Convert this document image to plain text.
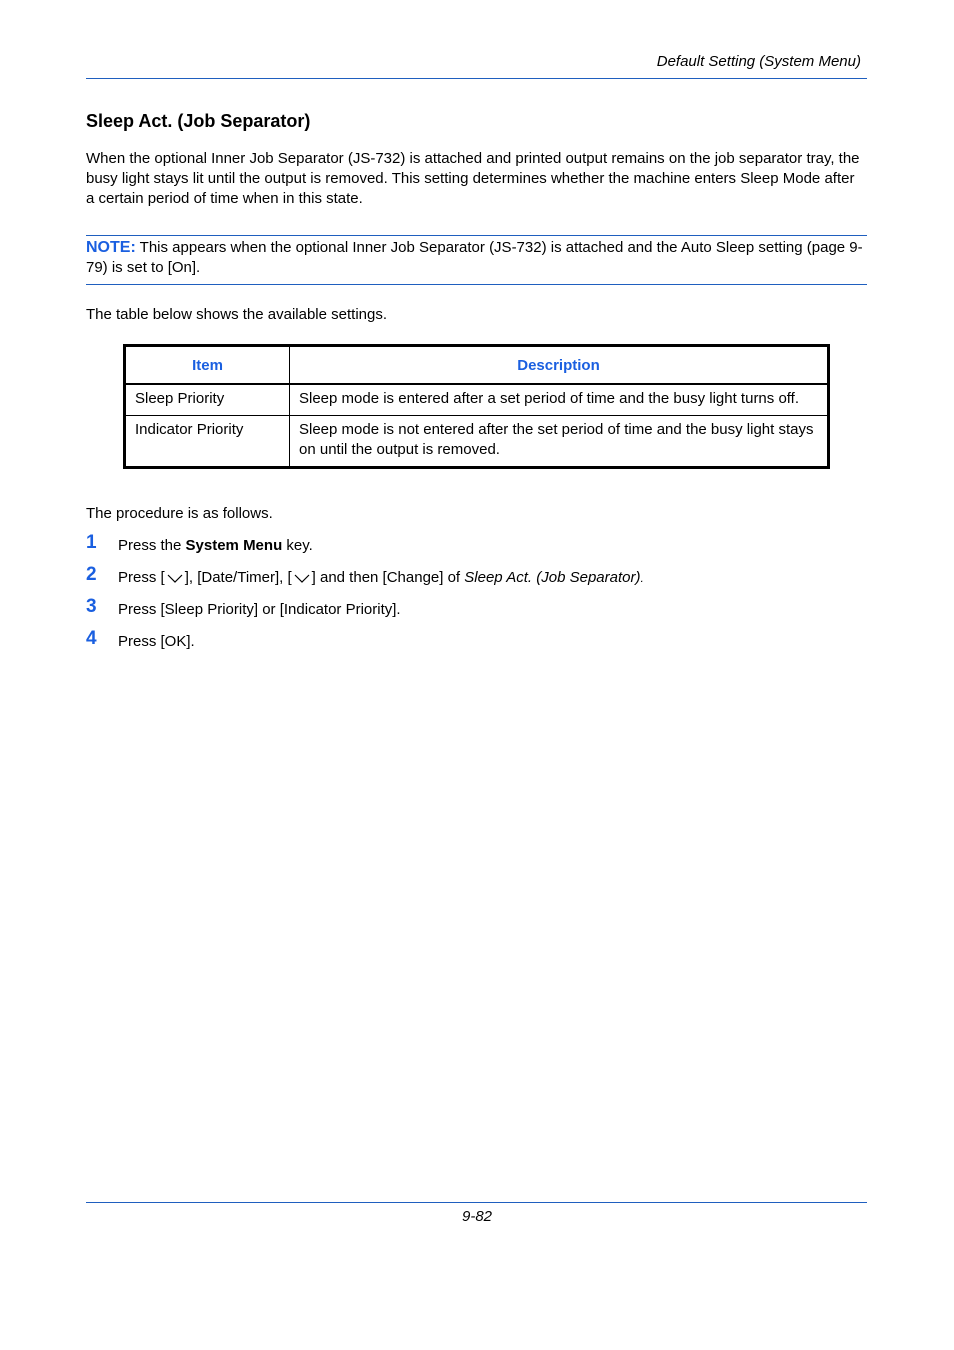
Default Setting (System Menu)
Sleep Act. (Job Separator)

When the optional Inner Job Separator (JS-732) is attached and printed output remains on the job separator tray, the busy light stays lit until the output is removed. This setting determines whether the machine enters Sleep Mode after a certain period of time when in this state.

NOTE: This appears when the optional Inner Job Separator (JS-732) is attached and the Auto Sleep setting (page 9-79) is set to [On].

The table below shows the available settings.

Item	Description
Sleep Priority	Sleep mode is entered after a set period of time and the busy light turns off.
Indicator Priority	Sleep mode is not entered after the set period of time and the busy light stays on until the output is removed.

The procedure is as follows.

1 Press the System Menu key.
2 Press [ ], [Date/Timer], [ ] and then [Change] of Sleep Act. (Job Separator).
3 Press [Sleep Priority] or [Indicator Priority].
4 Press [OK].
9-82
